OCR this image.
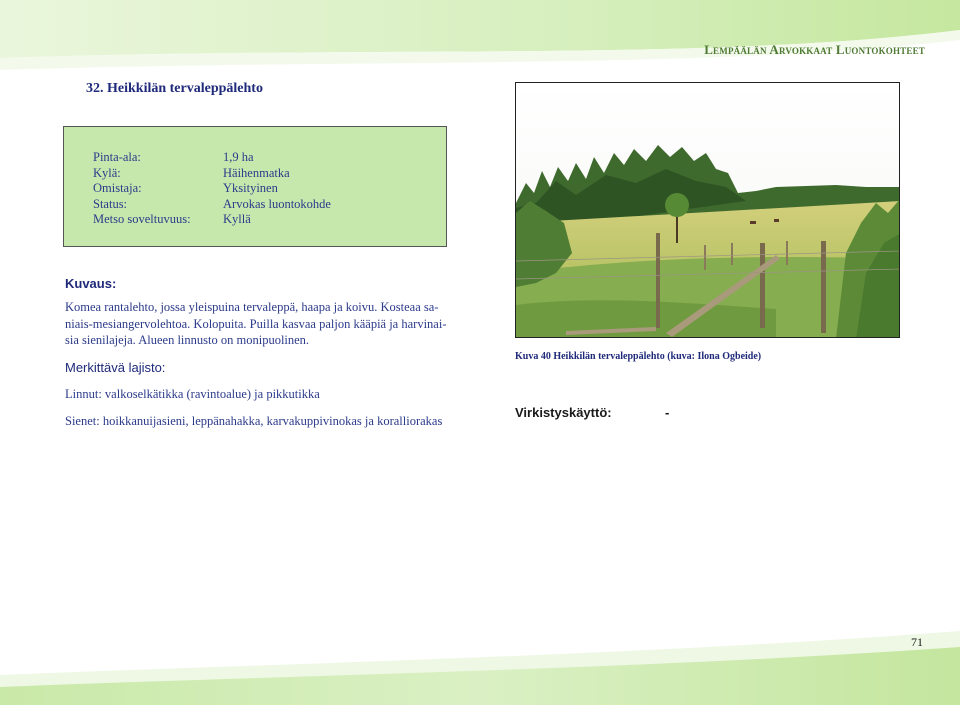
Lempäälän Arvokkaat Luontokohteet
32. Heikkilän tervaleppälehto
Pinta-ala:	1,9 ha
Kylä:	Häihenmatka
Omistaja:	Yksityinen
Status:	Arvokas luontokohde
Metso soveltuvuus:	Kyllä
Kuvaus:
Komea rantalehto, jossa yleispuina tervaleppä, haapa ja koivu. Kosteaa sa-
niais-mesiangervolehtoa. Kolopuita. Puilla kasvaa paljon kääpiä ja harvinai-
sia sienilajeja. Alueen linnusto on monipuolinen.
Merkittävä lajisto:
Linnut: valkoselkätikka (ravintoalue) ja pikkutikka
Sienet: hoikkanuijasieni, leppänahakka, karvakuppivinokas ja koralliorakas
Kuva 40 Heikkilän tervaleppälehto (kuva: Ilona Ogbeide)
Virkistyskäyttö:	-
71
